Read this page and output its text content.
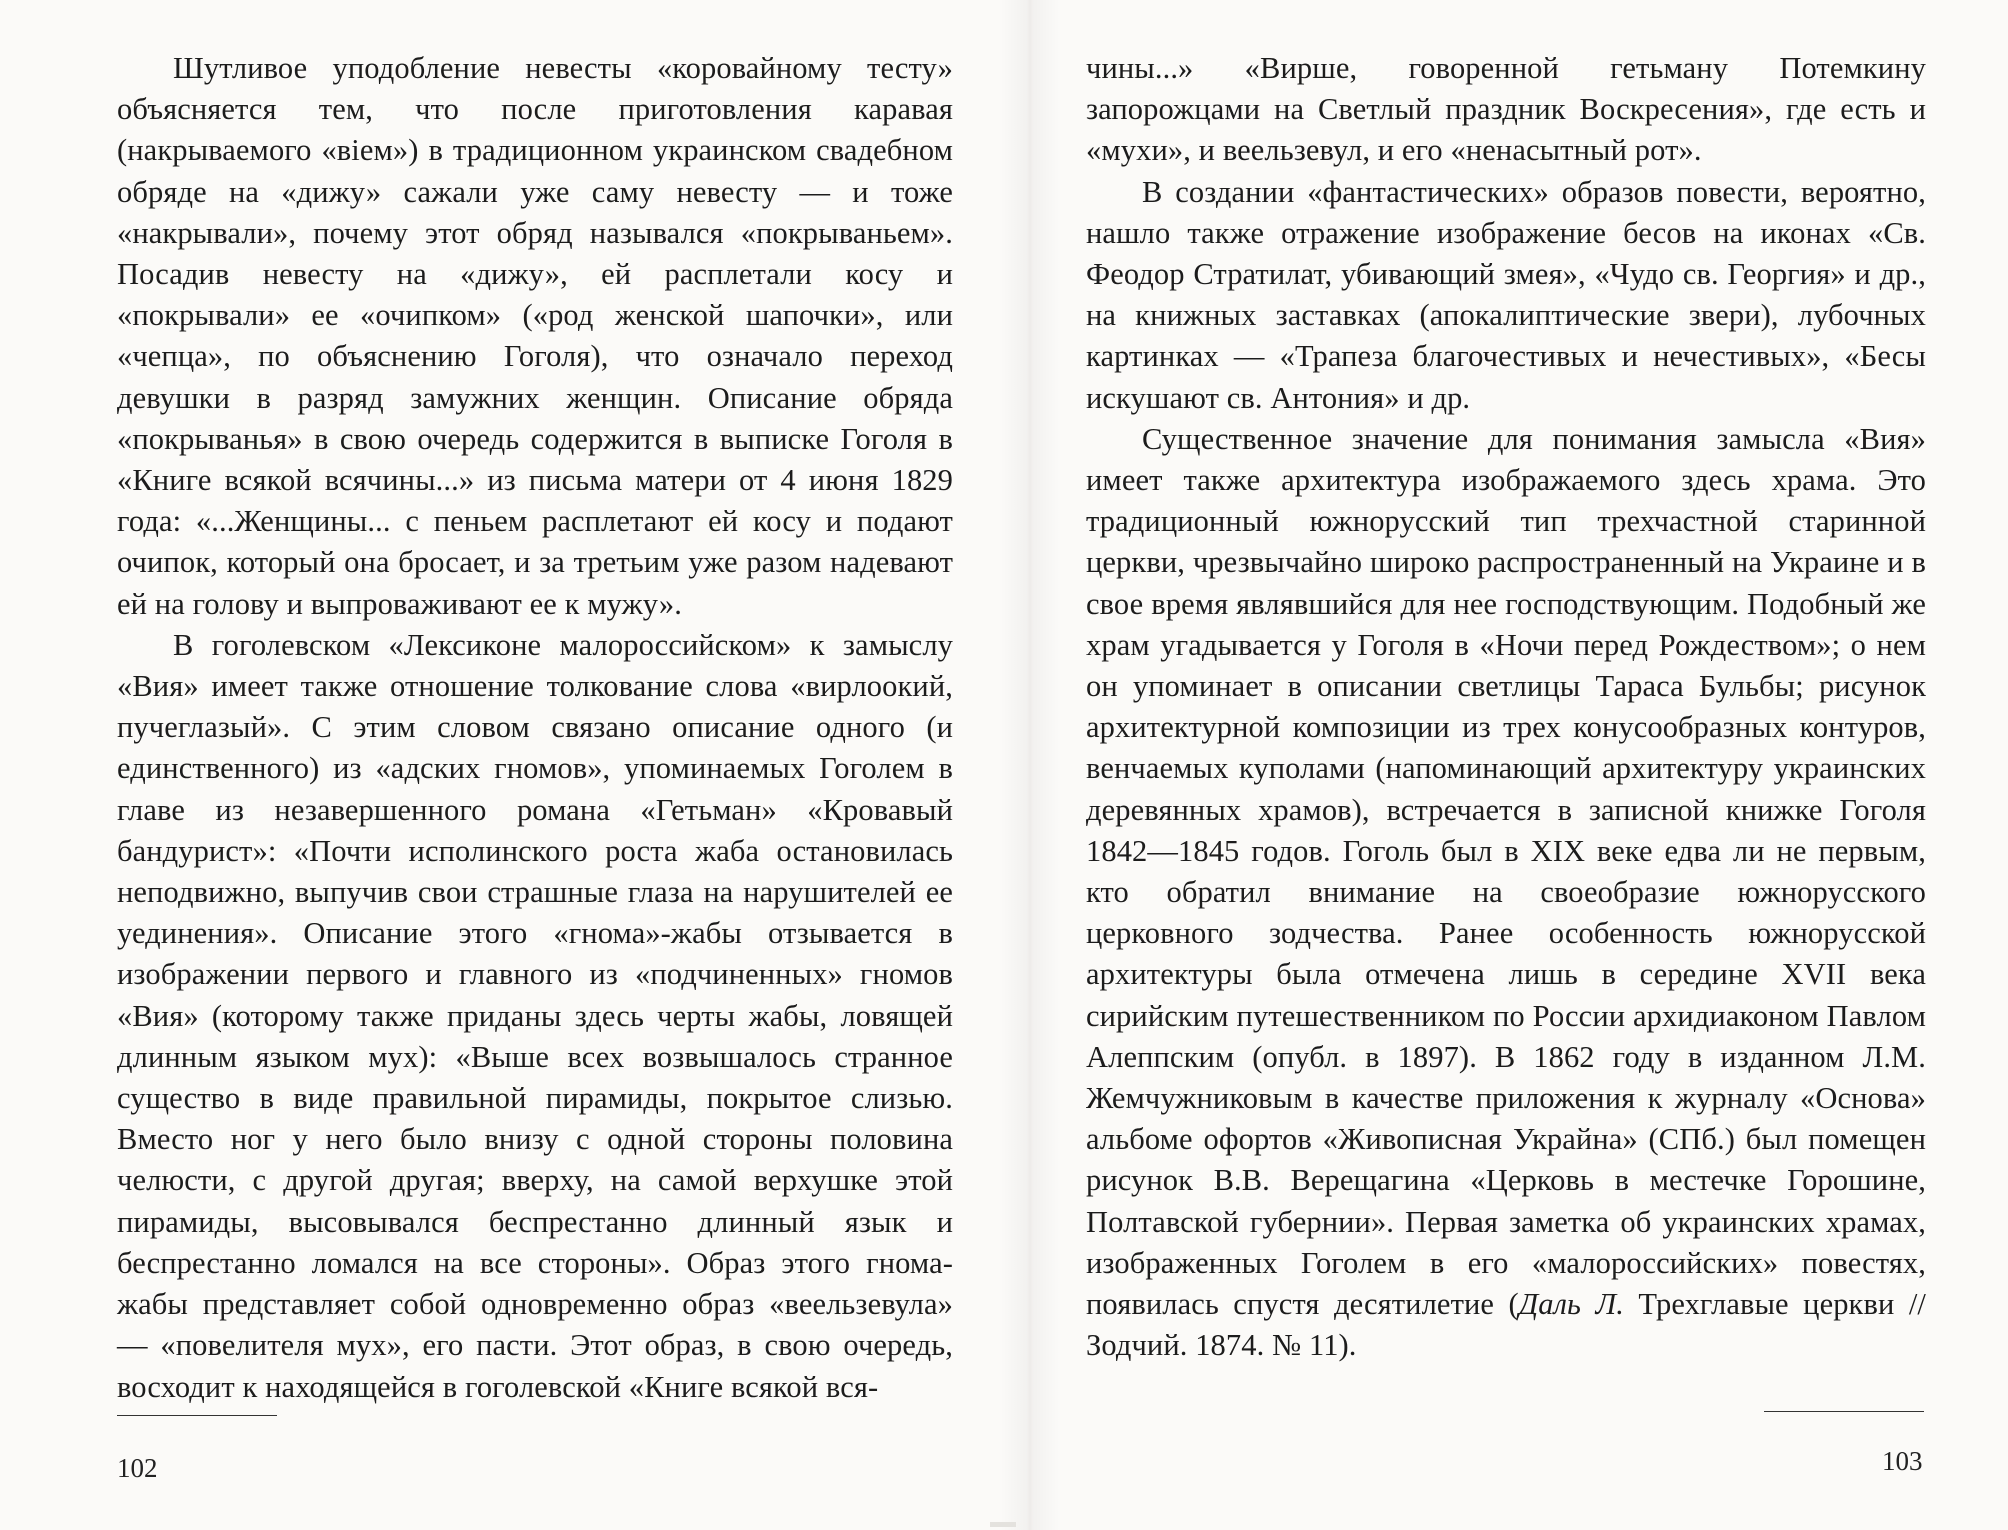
Шутливое уподобление невесты «коровайному тесту» объясняется тем, что после приготовления каравая (накрываемого «віем») в традиционном украинском свадебном обряде на «дижу» сажали уже саму невесту — и тоже «накрывали», почему этот обряд назывался «покрываньем». Посадив невесту на «дижу», ей расплетали косу и «покрывали» ее «очипком» («род женской шапочки», или «чепца», по объяснению Гоголя), что означало переход девушки в разряд замужних женщин. Описание обряда «покрыванья» в свою очередь содержится в выписке Гоголя в «Книге всякой всячины...» из письма матери от 4 июня 1829 года: «...Женщины... с пеньем расплетают ей косу и подают очипок, который она бросает, и за третьим уже разом надевают ей на голову и выпроваживают ее к мужу».

В гоголевском «Лексиконе малороссийском» к замыслу «Вия» имеет также отношение толкование слова «вирлоокий, пучеглазый». С этим словом связано описание одного (и единственного) из «адских гномов», упоминаемых Гоголем в главе из незавершенного романа «Гетьман» «Кровавый бандурист»: «Почти исполинского роста жаба остановилась неподвижно, выпучив свои страшные глаза на нарушителей ее уединения». Описание этого «гнома»-жабы отзывается в изображении первого и главного из «подчиненных» гномов «Вия» (которому также приданы здесь черты жабы, ловящей длинным языком мух): «Выше всех возвышалось странное существо в виде правильной пирамиды, покрытое слизью. Вместо ног у него было внизу с одной стороны половина челюсти, с другой другая; вверху, на самой верхушке этой пирамиды, высовывался беспрестанно длинный язык и беспрестанно ломался на все стороны». Образ этого гнома-жабы представляет собой одновременно образ «веельзевула» — «повелителя мух», его пасти. Этот образ, в свою очередь, восходит к находящейся в гоголевской «Книге всякой вся-

102

чины...» «Вирше, говоренной гетьману Потемкину запорожцами на Светлый праздник Воскресения», где есть и «мухи», и веельзевул, и его «ненасытный рот».

В создании «фантастических» образов повести, вероятно, нашло также отражение изображение бесов на иконах «Св. Феодор Стратилат, убивающий змея», «Чудо св. Георгия» и др., на книжных заставках (апокалиптические звери), лубочных картинках — «Трапеза благочестивых и нечестивых», «Бесы искушают св. Антония» и др.

Существенное значение для понимания замысла «Вия» имеет также архитектура изображаемого здесь храма. Это традиционный южнорусский тип трехчастной старинной церкви, чрезвычайно широко распространенный на Украине и в свое время являвшийся для нее господствующим. Подобный же храм угадывается у Гоголя в «Ночи перед Рождеством»; о нем он упоминает в описании светлицы Тараса Бульбы; рисунок архитектурной композиции из трех конусообразных контуров, венчаемых куполами (напоминающий архитектуру украинских деревянных храмов), встречается в записной книжке Гоголя 1842—1845 годов. Гоголь был в XIX веке едва ли не первым, кто обратил внимание на своеобразие южнорусского церковного зодчества. Ранее особенность южнорусской архитектуры была отмечена лишь в середине XVII века сирийским путешественником по России архидиаконом Павлом Алеппским (опубл. в 1897). В 1862 году в изданном Л.М. Жемчужниковым в качестве приложения к журналу «Основа» альбоме офортов «Живописная Украйна» (СПб.) был помещен рисунок В.В. Верещагина «Церковь в местечке Горошине, Полтавской губернии». Первая заметка об украинских храмах, изображенных Гоголем в его «малороссийских» повестях, появилась спустя десятилетие (Даль Л. Трехглавые церкви // Зодчий. 1874. № 11).

103
